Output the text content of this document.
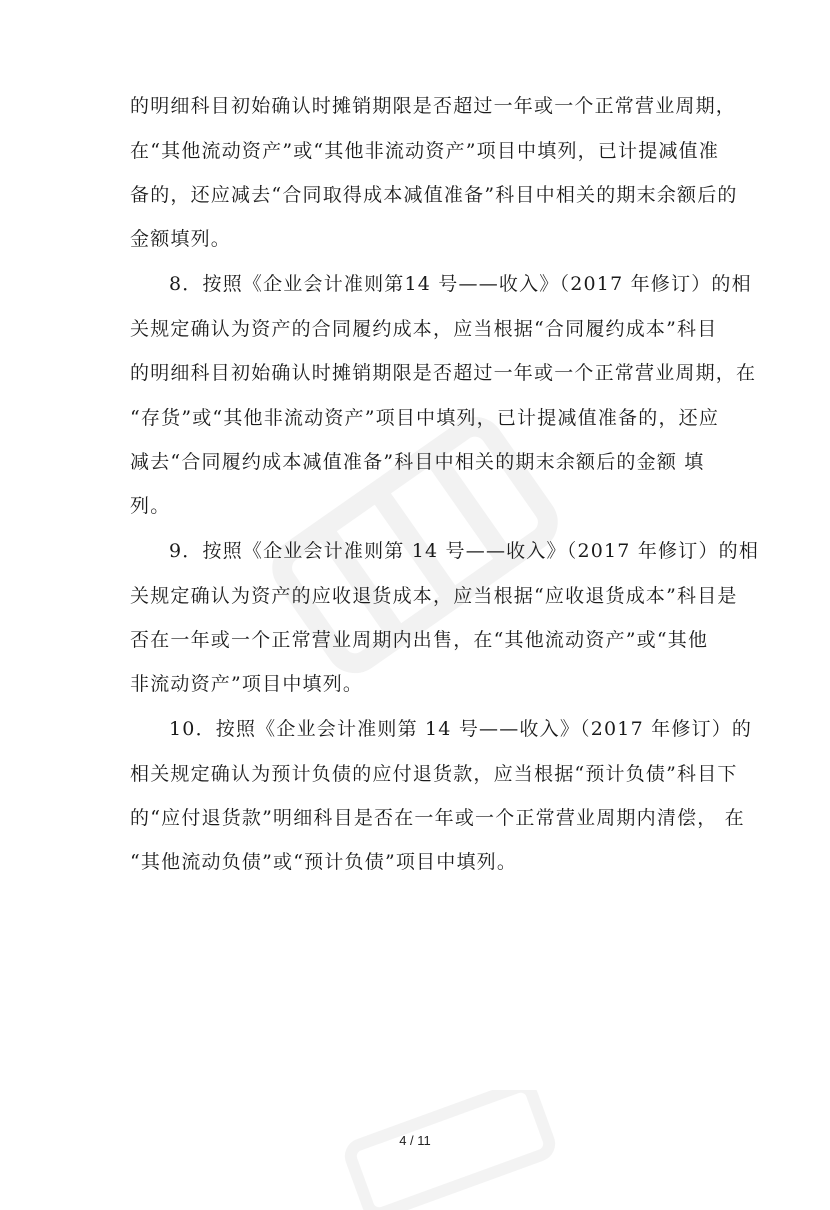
的明细科目初始确认时摊销期限是否超过一年或一个正常营业周期，
在“其他流动资产”或“其他非流动资产”项目中填列，已计提减值准
备的，还应减去“合同取得成本减值准备”科目中相关的期末余额后的
金额填列。
8．按照《企业会计准则第14 号——收入》（2017 年修订）的相
关规定确认为资产的合同履约成本，应当根据“合同履约成本”科目
的明细科目初始确认时摊销期限是否超过一年或一个正常营业周期，在
“存货”或“其他非流动资产”项目中填列，已计提减值准备的，还应
减去“合同履约成本减值准备”科目中相关的期末余额后的金额 填
列。
9．按照《企业会计准则第 14 号——收入》（2017 年修订）的相
关规定确认为资产的应收退货成本，应当根据“应收退货成本”科目是
否在一年或一个正常营业周期内出售，在“其他流动资产”或“其他
非流动资产”项目中填列。
10．按照《企业会计准则第 14 号——收入》（2017 年修订）的
相关规定确认为预计负债的应付退货款，应当根据“预计负债”科目下
的“应付退货款”明细科目是否在一年或一个正常营业周期内清偿， 在
“其他流动负债”或“预计负债”项目中填列。
4 / 11
